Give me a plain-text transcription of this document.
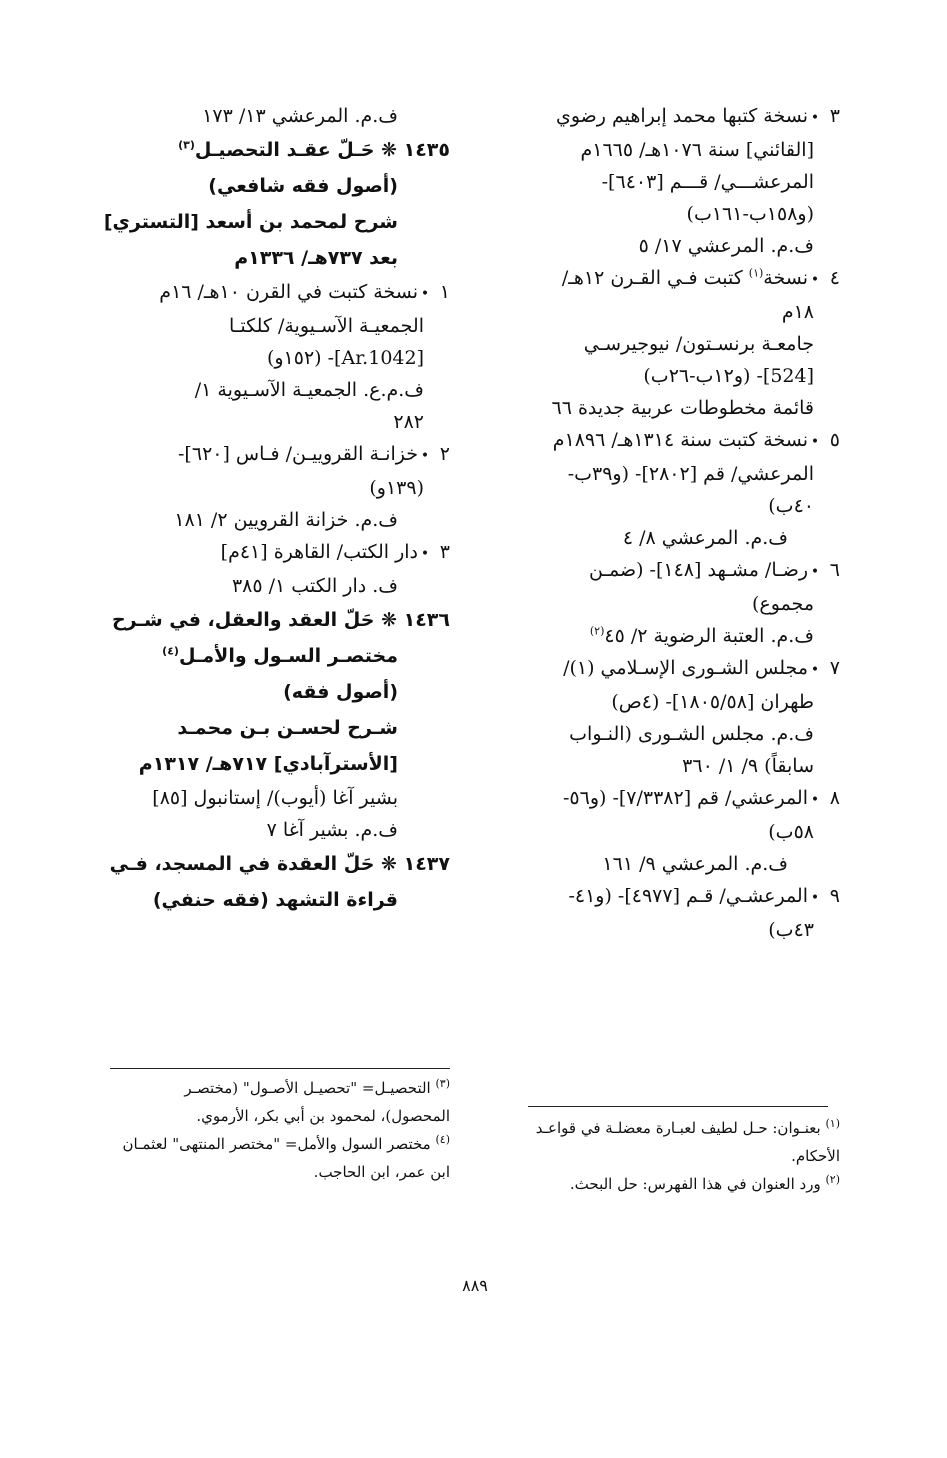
٣•نسخة كتبها محمد إبراهيم رضوي
[القائني] سنة ١٠٧٦هـ/ ١٦٦٥م
المرعشـــي/ قـــم [٦٤٠٣]-
(و١٥٨ب-١٦١ب)
ف.م. المرعشي ١٧/ ٥
٤•نسخة$^{(١)}$ كتبت فـي القـرن ١٢هـ/
١٨م
جامعـة برنسـتون/ نيوجيرسـي
[524]- (و١٢ب-٢٦ب)
قائمة مخطوطات عربية جديدة ٦٦
٥•نسخة كتبت سنة ١٣١٤هـ/ ١٨٩٦م
المرعشي/ قم [٢٨٠٢]- (و٣٩ب-
٤٠ب)
ف.م. المرعشي ٨/ ٤
٦•رضـا/ مشـهد [١٤٨]- (ضمـن
مجموع)
ف.م. العتبة الرضوية ٢/ ٤٥$^{(٢)}$
٧•مجلس الشـورى الإسـلامي (١)/
طهران [١٨٠٥/٥٨]- (٤ص)
ف.م. مجلس الشـورى (النـواب
سابقاً) ٩/ ١/ ٣٦٠
٨•المرعشي/ قم [٧/٣٣٨٢]- (و٥٦-
٥٨ب)
ف.م. المرعشي ٩/ ١٦١
٩•المرعشـي/ قـم [٤٩٧٧]- (و٤١-
٤٣ب)
ف.م. المرعشي ١٣/ ١٧٣
١٤٣٥ ❋ حَـلّ عقـد التحصيـل$^{(٣)}$
(أصول فقه شافعي)
شرح لمحمد بن أسعد [التستري]
بعد ٧٣٧هـ/ ١٣٣٦م
١•نسخة كتبت في القرن ١٠هـ/ ١٦م
الجمعيـة الآسـيوية/ كلكتـا
[Ar.1042]- (١٥٢و)
ف.م.ع. الجمعيـة الآسـيوية ١/
٢٨٢
٢•خزانـة القروييـن/ فـاس [٦٢٠]-
(١٣٩و)
ف.م. خزانة القرويين ٢/ ١٨١
٣•دار الكتب/ القاهرة [٤١م]
ف. دار الكتب ١/ ٣٨٥
١٤٣٦ ❋ حَلّ العقد والعقل، في شـرح
مختصـر السـول والأمـل$^{(٤)}$
(أصول فقه)
شـرح لحسـن بـن محمـد
[الأسترآبادي] ٧١٧هـ/ ١٣١٧م
بشير آغا (أيوب)/ إستانبول [٨٥]
ف.م. بشير آغا ٧
١٤٣٧ ❋ حَلّ العقدة في المسجد، فـي
قراءة التشهد (فقه حنفي)
$^{(٣)}$ التحصيـل= "تحصيـل الأصـول" (مختصـر
المحصول)، لمحمود بن أبي بكر، الأرموي.
$^{(٤)}$ مختصر السول والأمل= "مختصر المنتهى" لعثمـان
ابن عمر، ابن الحاجب.
$^{(١)}$ بعنـوان: حـل لطيف لعبـارة معضلـة في قواعـد
الأحكام.
$^{(٢)}$ ورد العنوان في هذا الفهرس: حل البحث.
٨٨٩
